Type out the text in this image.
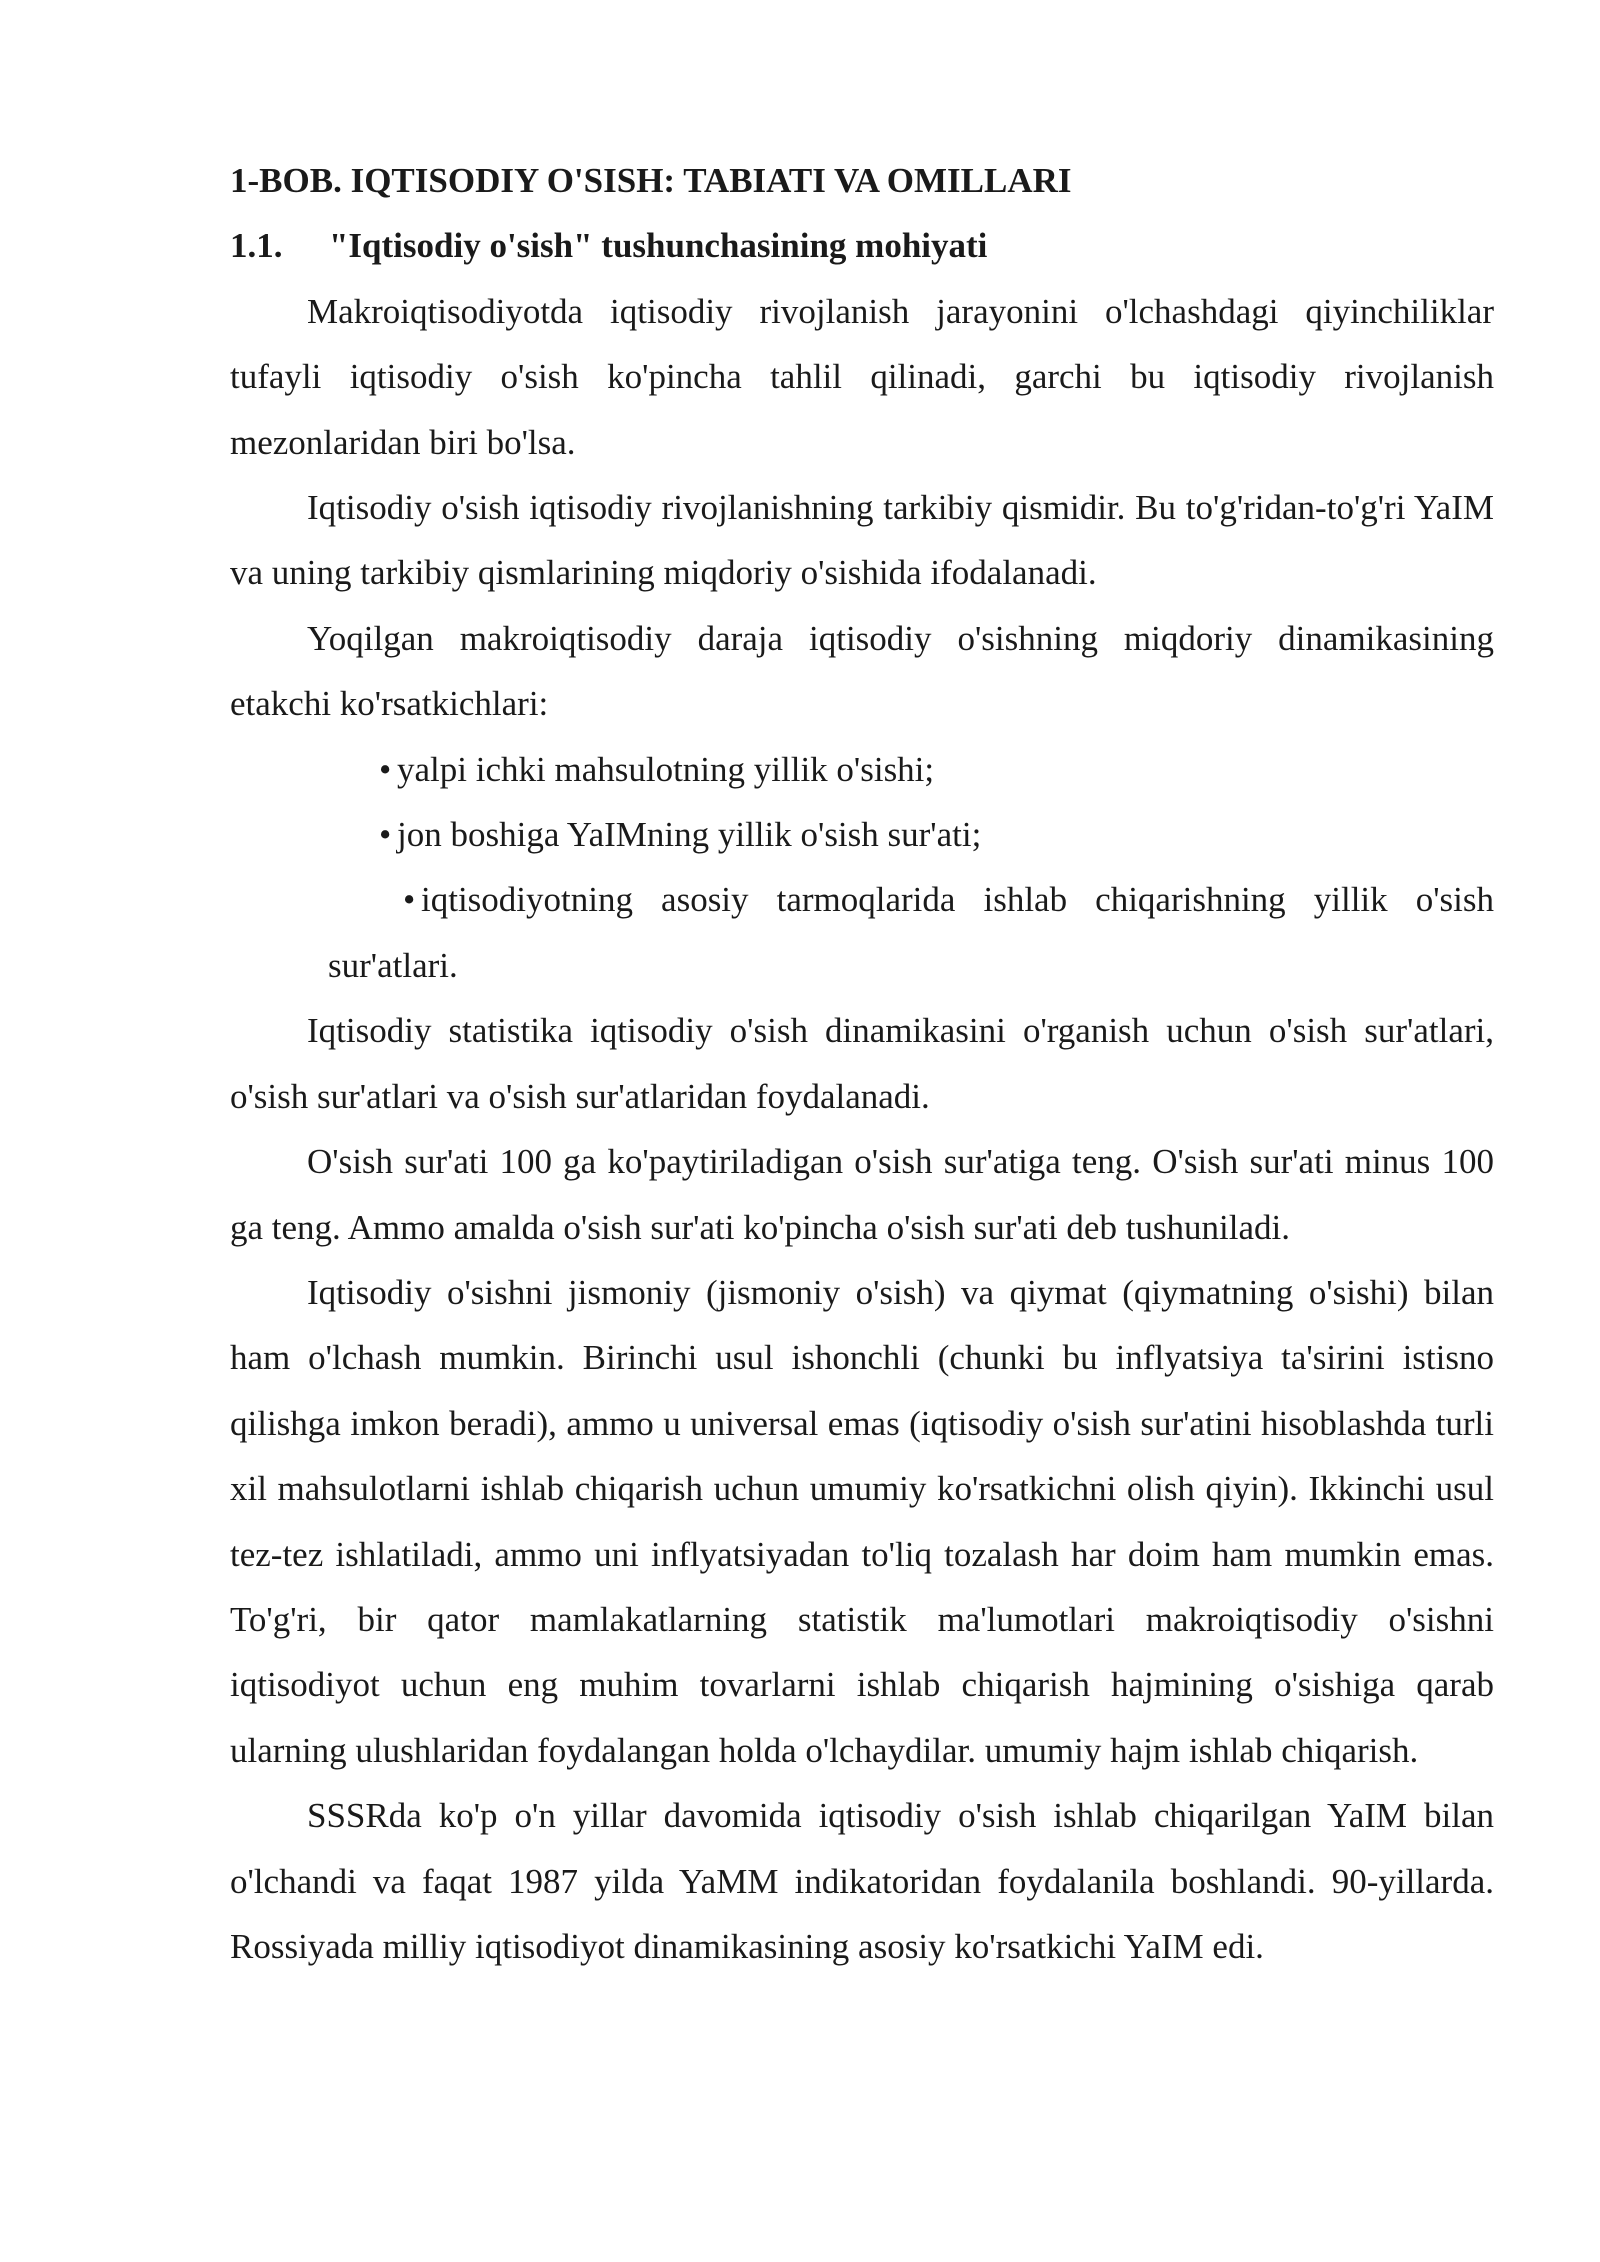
1-BOB. IQTISODIY O'SISH: TABIATI VA OMILLARI
1.1.	"Iqtisodiy o'sish" tushunchasining mohiyati

Makroiqtisodiyotda iqtisodiy rivojlanish jarayonini o'lchashdagi qiyinchiliklar tufayli iqtisodiy o'sish ko'pincha tahlil qilinadi, garchi bu iqtisodiy rivojlanish mezonlaridan biri bo'lsa.

Iqtisodiy o'sish iqtisodiy rivojlanishning tarkibiy qismidir. Bu to'g'ridan-to'g'ri YaIM va uning tarkibiy qismlarining miqdoriy o'sishida ifodalanadi.

Yoqilgan makroiqtisodiy daraja iqtisodiy o'sishning miqdoriy dinamikasining etakchi ko'rsatkichlari:

• yalpi ichki mahsulotning yillik o'sishi;
• jon boshiga YaIMning yillik o'sish sur'ati;
• iqtisodiyotning asosiy tarmoqlarida ishlab chiqarishning yillik o'sish sur'atlari.

Iqtisodiy statistika iqtisodiy o'sish dinamikasini o'rganish uchun o'sish sur'atlari, o'sish sur'atlari va o'sish sur'atlaridan foydalanadi.

O'sish sur'ati 100 ga ko'paytiriladigan o'sish sur'atiga teng. O'sish sur'ati minus 100 ga teng. Ammo amalda o'sish sur'ati ko'pincha o'sish sur'ati deb tushuniladi.

Iqtisodiy o'sishni jismoniy (jismoniy o'sish) va qiymat (qiymatning o'sishi) bilan ham o'lchash mumkin. Birinchi usul ishonchli (chunki bu inflyatsiya ta'sirini istisno qilishga imkon beradi), ammo u universal emas (iqtisodiy o'sish sur'atini hisoblashda turli xil mahsulotlarni ishlab chiqarish uchun umumiy ko'rsatkichni olish qiyin). Ikkinchi usul tez-tez ishlatiladi, ammo uni inflyatsiyadan to'liq tozalash har doim ham mumkin emas. To'g'ri, bir qator mamlakatlarning statistik ma'lumotlari makroiqtisodiy o'sishni iqtisodiyot uchun eng muhim tovarlarni ishlab chiqarish hajmining o'sishiga qarab ularning ulushlaridan foydalangan holda o'lchaydilar. umumiy hajm ishlab chiqarish.

SSSRda ko'p o'n yillar davomida iqtisodiy o'sish ishlab chiqarilgan YaIM bilan o'lchandi va faqat 1987 yilda YaMM indikatoridan foydalanila boshlandi. 90-yillarda. Rossiyada milliy iqtisodiyot dinamikasining asosiy ko'rsatkichi YaIM edi.
